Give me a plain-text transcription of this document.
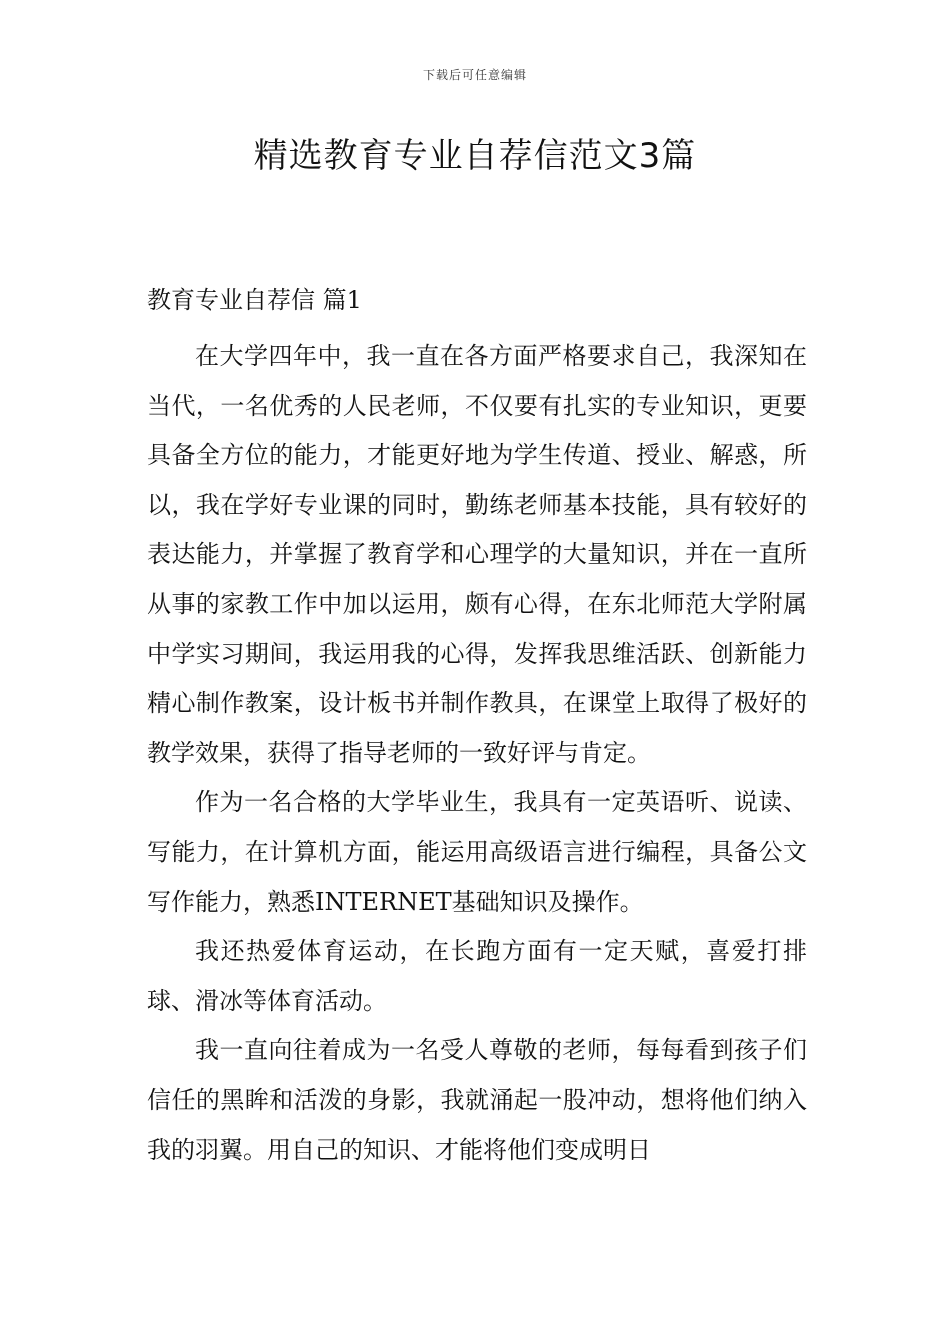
下载后可任意编辑
精选教育专业自荐信范文3篇
教育专业自荐信 篇1

在大学四年中，我一直在各方面严格要求自己，我深知在当代，一名优秀的人民老师，不仅要有扎实的专业知识，更要具备全方位的能力，才能更好地为学生传道、授业、解惑，所以，我在学好专业课的同时，勤练老师基本技能，具有较好的表达能力，并掌握了教育学和心理学的大量知识，并在一直所从事的家教工作中加以运用，颇有心得，在东北师范大学附属中学实习期间，我运用我的心得，发挥我思维活跃、创新能力精心制作教案，设计板书并制作教具，在课堂上取得了极好的教学效果，获得了指导老师的一致好评与肯定。

作为一名合格的大学毕业生，我具有一定英语听、说读、写能力，在计算机方面，能运用高级语言进行编程，具备公文写作能力，熟悉INTERNET基础知识及操作。

我还热爱体育运动，在长跑方面有一定天赋，喜爱打排球、滑冰等体育活动。

我一直向往着成为一名受人尊敬的老师，每每看到孩子们信任的黑眸和活泼的身影，我就涌起一股冲动，想将他们纳入我的羽翼。用自己的知识、才能将他们变成明日
